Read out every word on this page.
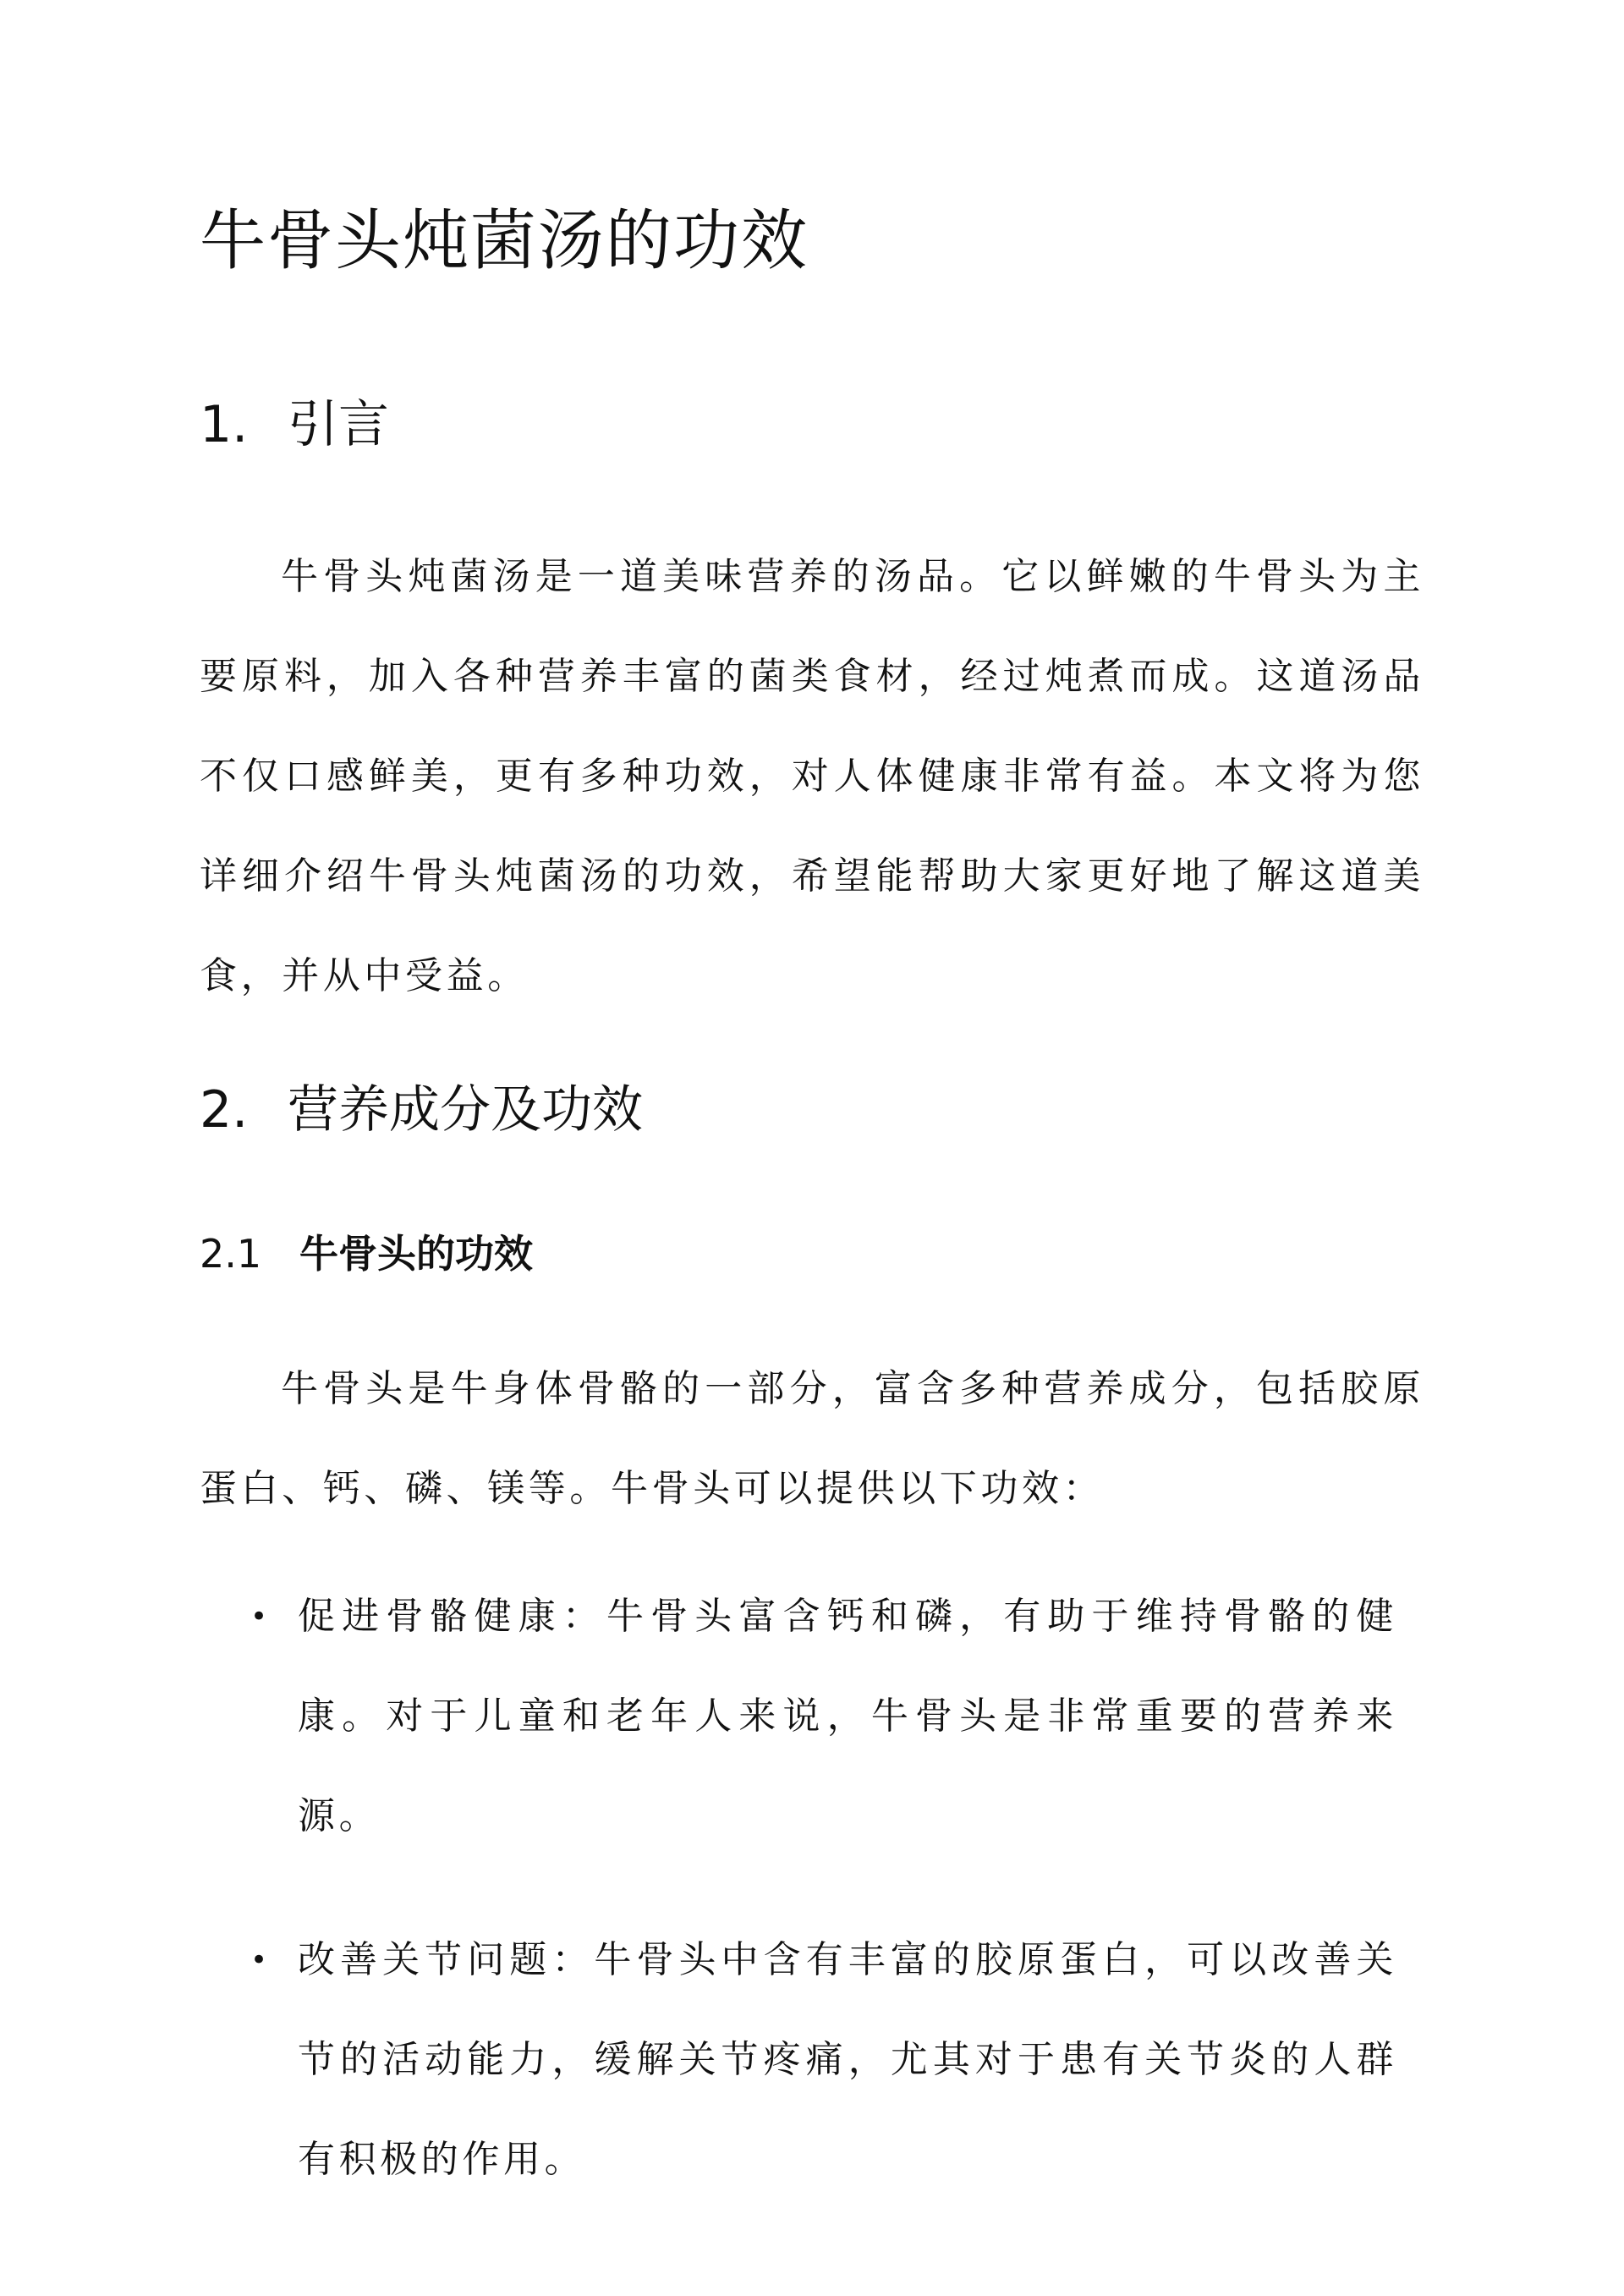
牛骨头炖菌汤的功效
1. 引言

牛骨头炖菌汤是一道美味营养的汤品。它以鲜嫩的牛骨头为主要原料，加入各种营养丰富的菌类食材，经过炖煮而成。这道汤品不仅口感鲜美，更有多种功效，对人体健康非常有益。本文将为您详细介绍牛骨头炖菌汤的功效，希望能帮助大家更好地了解这道美食，并从中受益。

2. 营养成分及功效
2.1 牛骨头的功效

牛骨头是牛身体骨骼的一部分，富含多种营养成分，包括胶原蛋白、钙、磷、镁等。牛骨头可以提供以下功效：

• 促进骨骼健康：牛骨头富含钙和磷，有助于维持骨骼的健康。对于儿童和老年人来说，牛骨头是非常重要的营养来源。
• 改善关节问题：牛骨头中含有丰富的胶原蛋白，可以改善关节的活动能力，缓解关节疼痛，尤其对于患有关节炎的人群有积极的作用。
